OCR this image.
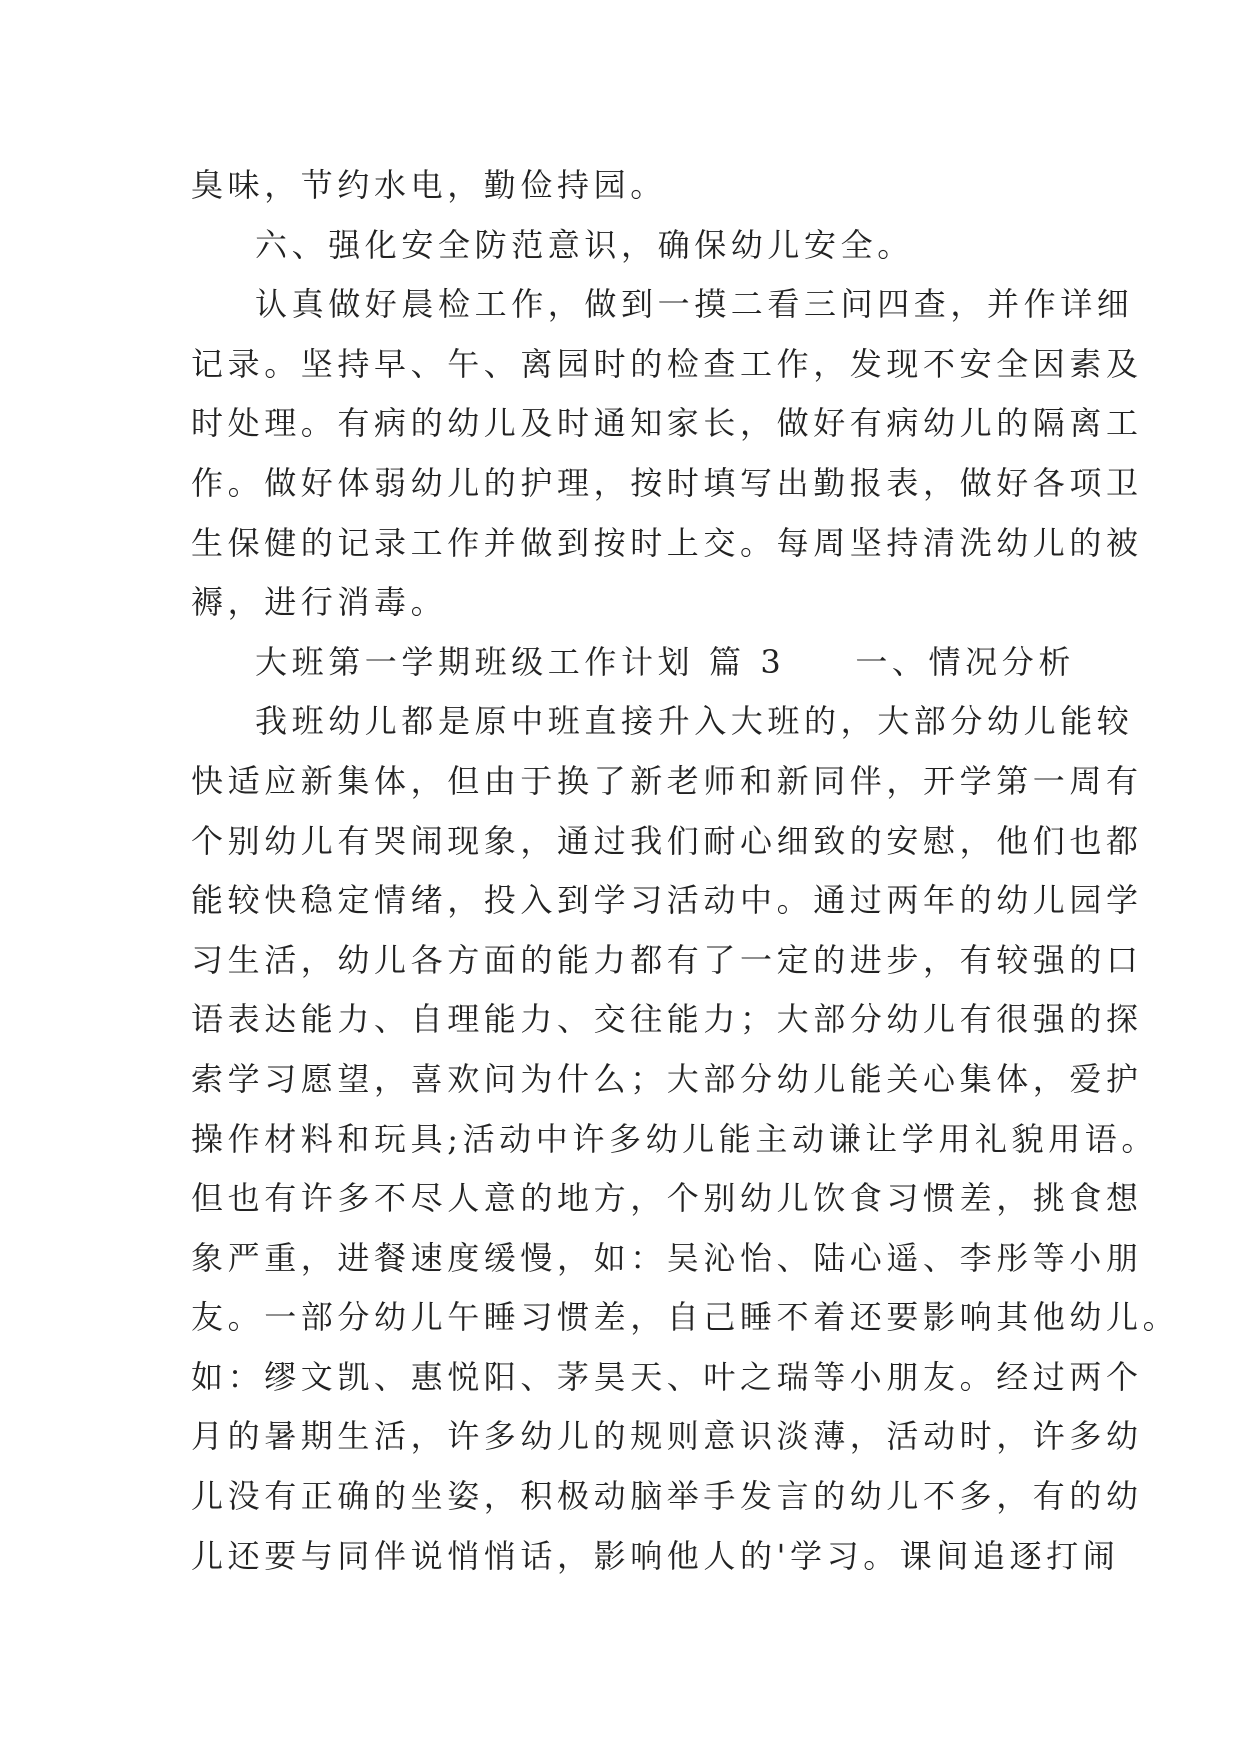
臭味，节约水电，勤俭持园。
六、强化安全防范意识，确保幼儿安全。
认真做好晨检工作，做到一摸二看三问四查，并作详细
记录。坚持早、午、离园时的检查工作，发现不安全因素及
时处理。有病的幼儿及时通知家长，做好有病幼儿的隔离工
作。做好体弱幼儿的护理，按时填写出勤报表，做好各项卫
生保健的记录工作并做到按时上交。每周坚持清洗幼儿的被
褥，进行消毒。
大班第一学期班级工作计划 篇 3 一、情况分析
我班幼儿都是原中班直接升入大班的，大部分幼儿能较
快适应新集体，但由于换了新老师和新同伴，开学第一周有
个别幼儿有哭闹现象，通过我们耐心细致的安慰，他们也都
能较快稳定情绪，投入到学习活动中。通过两年的幼儿园学
习生活，幼儿各方面的能力都有了一定的进步，有较强的口
语表达能力、自理能力、交往能力；大部分幼儿有很强的探
索学习愿望，喜欢问为什么；大部分幼儿能关心集体，爱护
操作材料和玩具;活动中许多幼儿能主动谦让学用礼貌用语。
但也有许多不尽人意的地方，个别幼儿饮食习惯差，挑食想
象严重，进餐速度缓慢，如：吴沁怡、陆心遥、李彤等小朋
友。一部分幼儿午睡习惯差，自己睡不着还要影响其他幼儿。
如：缪文凯、惠悦阳、茅昊天、叶之瑞等小朋友。经过两个
月的暑期生活，许多幼儿的规则意识淡薄，活动时，许多幼
儿没有正确的坐姿，积极动脑举手发言的幼儿不多，有的幼
儿还要与同伴说悄悄话，影响他人的'学习。课间追逐打闹
